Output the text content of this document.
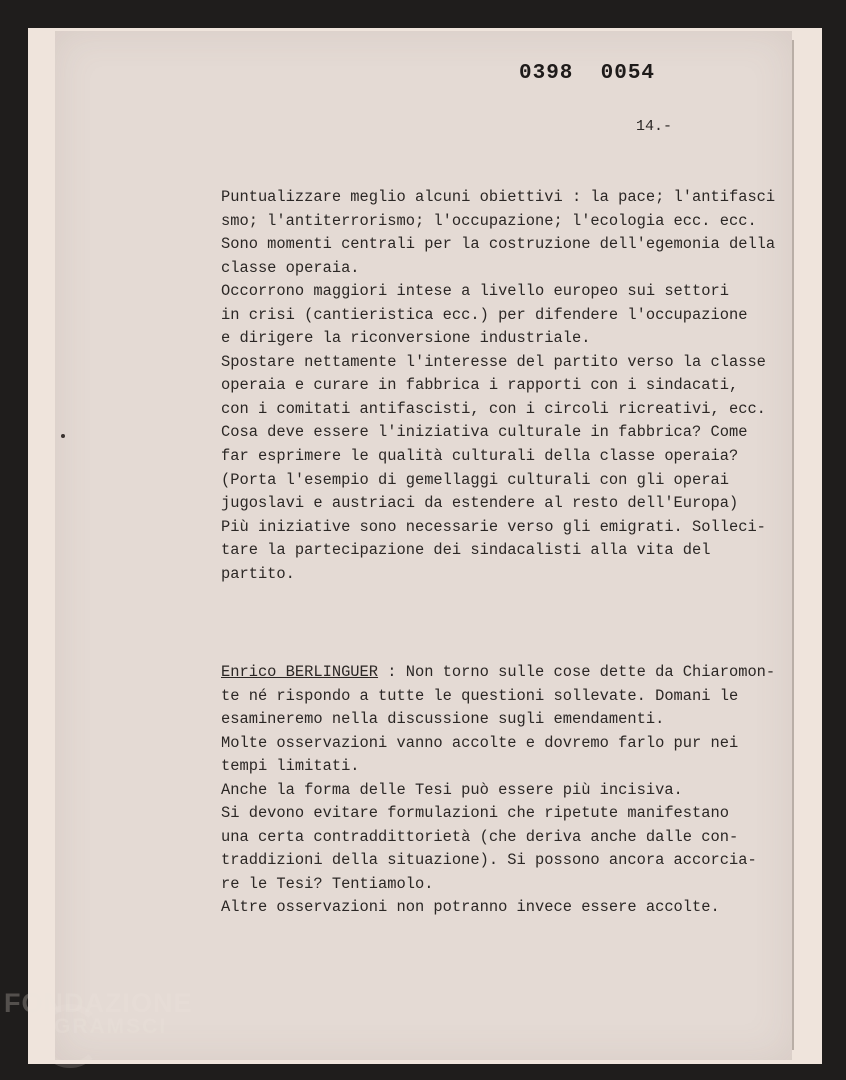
0398  0054
14.-
Puntualizzare meglio alcuni obiettivi : la pace; l'antifasci
smo; l'antiterrorismo; l'occupazione; l'ecologia ecc. ecc.
Sono momenti centrali per la costruzione dell'egemonia della
classe operaia.
Occorrono maggiori intese a livello europeo sui settori
in crisi (cantieristica ecc.) per difendere l'occupazione
e dirigere la riconversione industriale.
Spostare nettamente l'interesse del partito verso la classe
operaia e curare in fabbrica i rapporti con i sindacati,
con i comitati antifascisti, con i circoli ricreativi, ecc.
Cosa deve essere l'iniziativa culturale in fabbrica? Come
far esprimere le qualità culturali della classe operaia?
(Porta l'esempio di gemellaggi culturali con gli operai
jugoslavi e austriaci da estendere al resto dell'Europa)
Più iniziative sono necessarie verso gli emigrati. Solleci-
tare la partecipazione dei sindacalisti alla vita del
partito.
Enrico BERLINGUER : Non torno sulle cose dette da Chiaromon-
te né rispondo a tutte le questioni sollevate. Domani le
esamineremo nella discussione sugli emendamenti.
Molte osservazioni vanno accolte e dovremo farlo pur nei
tempi limitati.
Anche la forma delle Tesi può essere più incisiva.
Si devono evitare formulazioni che ripetute manifestano
una certa contraddittorietà (che deriva anche dalle con-
traddizioni della situazione). Si possono ancora accorcia-
re le Tesi? Tentiamolo.
Altre osservazioni non potranno invece essere accolte.
FONDAZIONE
GRAMSCI
